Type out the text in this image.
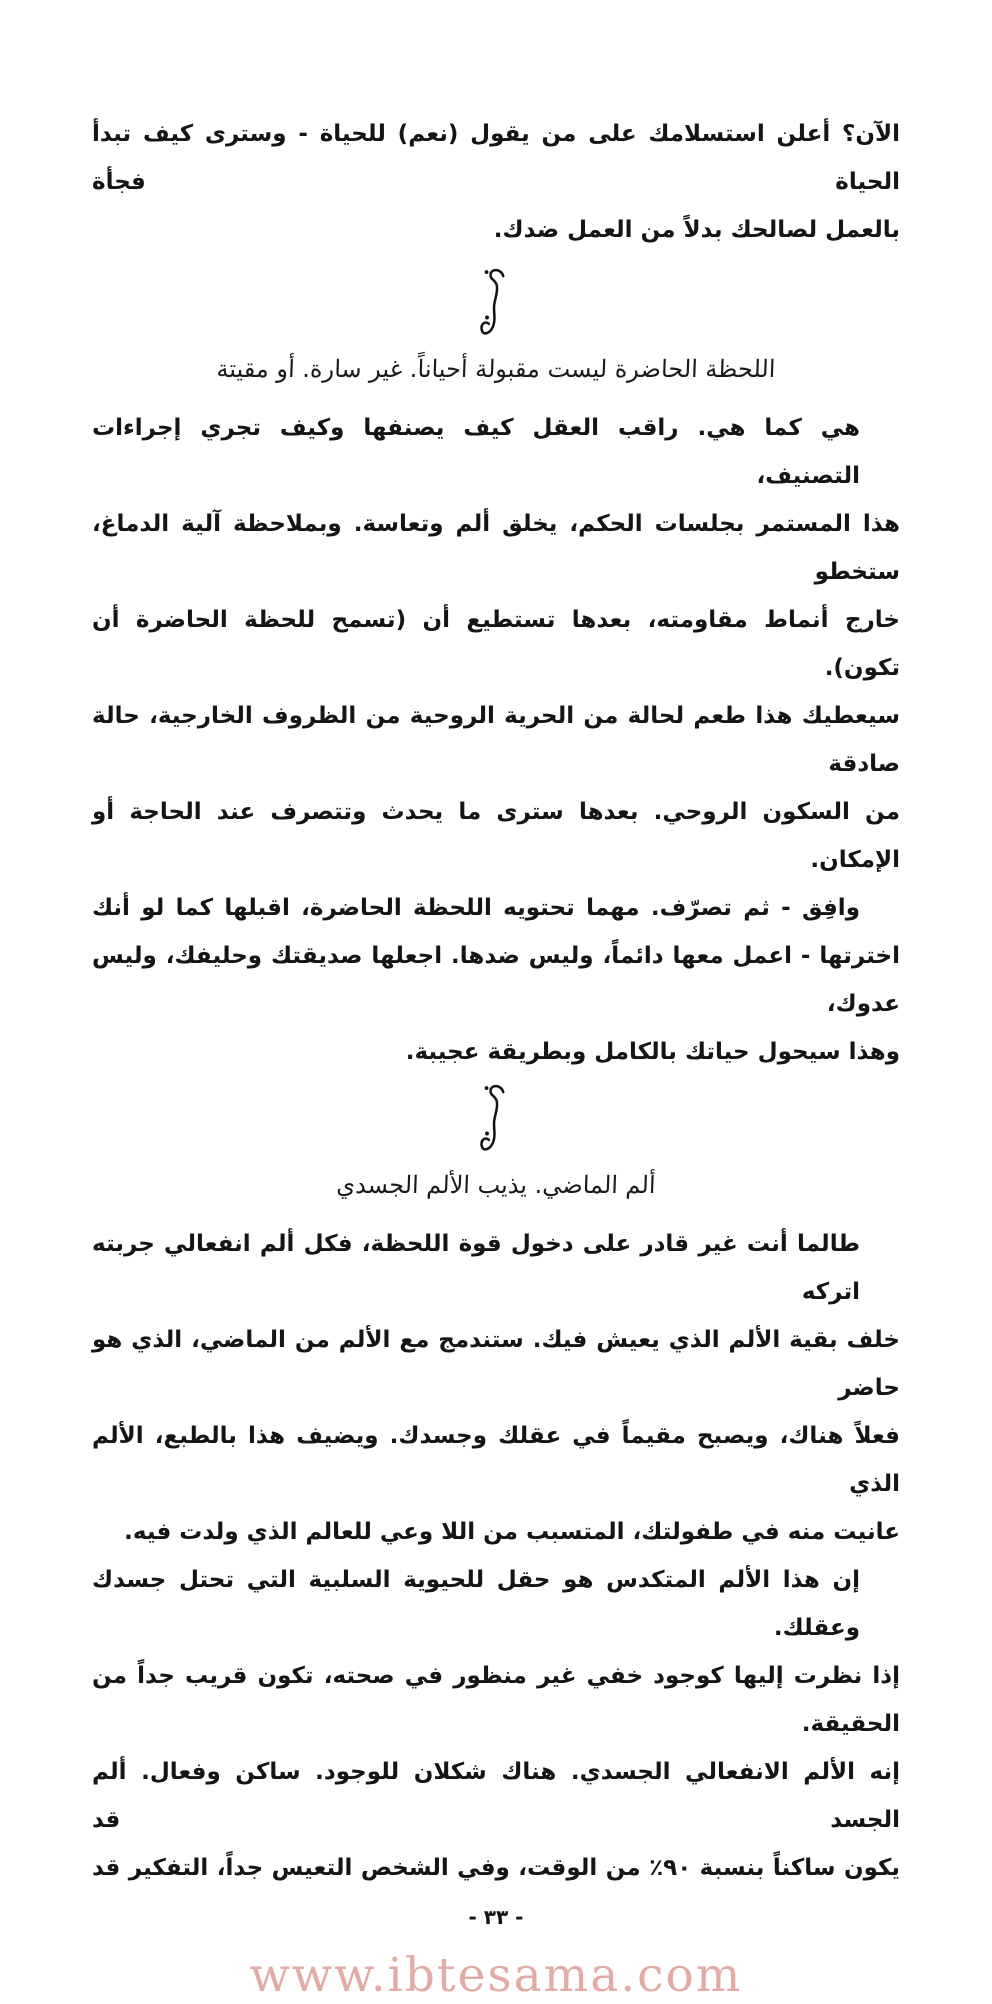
الآن؟ أعلن استسلامك على من يقول (نعم) للحياة - وسترى كيف تبدأ الحياة فجأة
بالعمل لصالحك بدلاً من العمل ضدك.

اللحظة الحاضرة ليست مقبولة أحياناً. غير سارة. أو مقيتة

هي كما هي. راقب العقل كيف يصنفها وكيف تجري إجراءات التصنيف،
هذا المستمر بجلسات الحكم، يخلق ألم وتعاسة. وبملاحظة آلية الدماغ، ستخطو
خارج أنماط مقاومته، بعدها تستطيع أن (تسمح للحظة الحاضرة أن تكون).
سيعطيك هذا طعم لحالة من الحرية الروحية من الظروف الخارجية، حالة صادقة
من السكون الروحي. بعدها سترى ما يحدث وتتصرف عند الحاجة أو الإمكان.

وافِق - ثم تصرّف. مهما تحتويه اللحظة الحاضرة، اقبلها كما لو أنك
اخترتها - اعمل معها دائماً، وليس ضدها. اجعلها صديقتك وحليفك، وليس عدوك،
وهذا سيحول حياتك بالكامل وبطريقة عجيبة.

ألم الماضي. يذيب الألم الجسدي

طالما أنت غير قادر على دخول قوة اللحظة، فكل ألم انفعالي جربته اتركه
خلف بقية الألم الذي يعيش فيك. ستندمج مع الألم من الماضي، الذي هو حاضر
فعلاً هناك، ويصبح مقيماً في عقلك وجسدك. ويضيف هذا بالطبع، الألم الذي
عانيت منه في طفولتك، المتسبب من اللا وعي للعالم الذي ولدت فيه.

إن هذا الألم المتكدس هو حقل للحيوية السلبية التي تحتل جسدك وعقلك.
إذا نظرت إليها كوجود خفي غير منظور في صحته، تكون قريب جداً من الحقيقة.
إنه الألم الانفعالي الجسدي. هناك شكلان للوجود. ساكن وفعال. ألم الجسد قد
يكون ساكناً بنسبة ٩٠٪ من الوقت، وفي الشخص التعيس جداً، التفكير قد

- ٣٣ -
www.ibtesama.com
